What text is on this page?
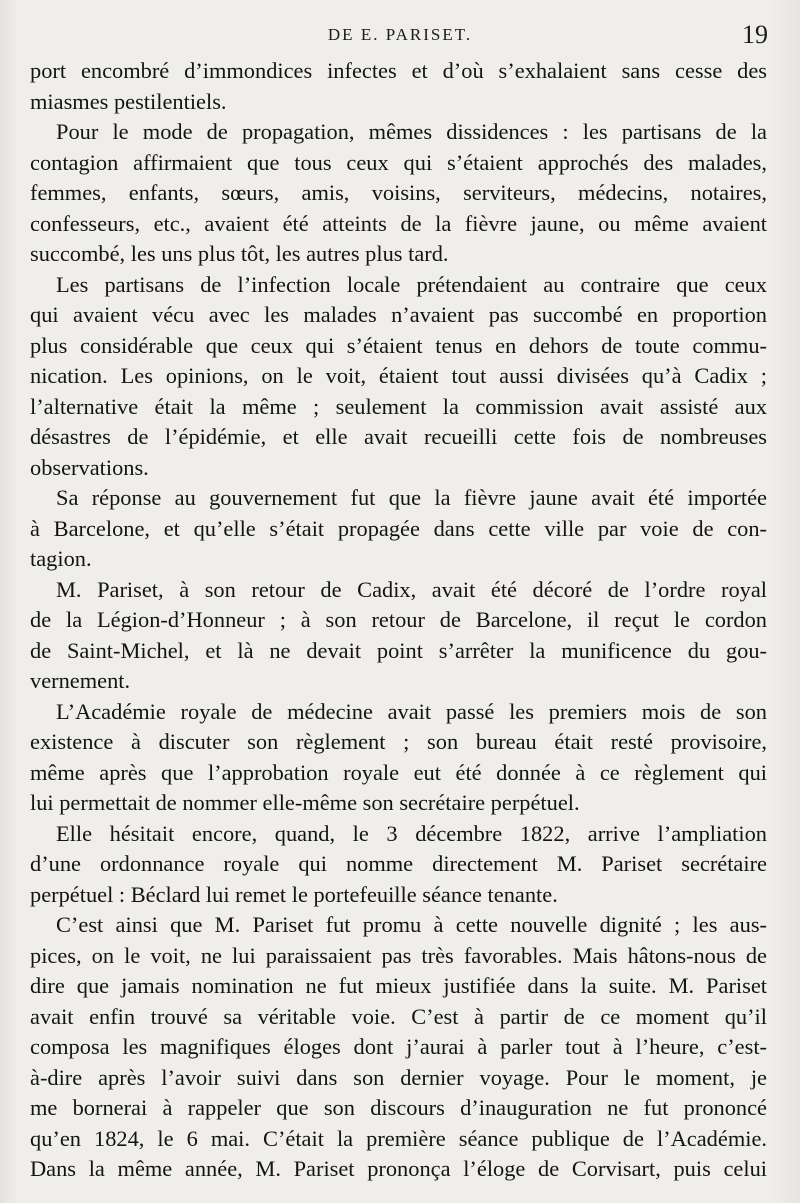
DE E. PARISET.	19
port encombré d’immondices infectes et d’où s’exhalaient sans cesse des
miasmes pestilentiels.
Pour le mode de propagation, mêmes dissidences : les partisans de la
contagion affirmaient que tous ceux qui s’étaient approchés des malades,
femmes, enfants, sœurs, amis, voisins, serviteurs, médecins, notaires,
confesseurs, etc., avaient été atteints de la fièvre jaune, ou même avaient
succombé, les uns plus tôt, les autres plus tard.
Les partisans de l’infection locale prétendaient au contraire que ceux
qui avaient vécu avec les malades n’avaient pas succombé en proportion
plus considérable que ceux qui s’étaient tenus en dehors de toute commu-
nication. Les opinions, on le voit, étaient tout aussi divisées qu’à Cadix ;
l’alternative était la même ; seulement la commission avait assisté aux
désastres de l’épidémie, et elle avait recueilli cette fois de nombreuses
observations.
Sa réponse au gouvernement fut que la fièvre jaune avait été importée
à Barcelone, et qu’elle s’était propagée dans cette ville par voie de con-
tagion.
M. Pariset, à son retour de Cadix, avait été décoré de l’ordre royal
de la Légion-d’Honneur ; à son retour de Barcelone, il reçut le cordon
de Saint-Michel, et là ne devait point s’arrêter la munificence du gou-
vernement.
L’Académie royale de médecine avait passé les premiers mois de son
existence à discuter son règlement ; son bureau était resté provisoire,
même après que l’approbation royale eut été donnée à ce règlement qui
lui permettait de nommer elle-même son secrétaire perpétuel.
Elle hésitait encore, quand, le 3 décembre 1822, arrive l’ampliation
d’une ordonnance royale qui nomme directement M. Pariset secrétaire
perpétuel : Béclard lui remet le portefeuille séance tenante.
C’est ainsi que M. Pariset fut promu à cette nouvelle dignité ; les aus-
pices, on le voit, ne lui paraissaient pas très favorables. Mais hâtons-nous de
dire que jamais nomination ne fut mieux justifiée dans la suite. M. Pariset
avait enfin trouvé sa véritable voie. C’est à partir de ce moment qu’il
composa les magnifiques éloges dont j’aurai à parler tout à l’heure, c’est-
à-dire après l’avoir suivi dans son dernier voyage. Pour le moment, je
me bornerai à rappeler que son discours d’inauguration ne fut prononcé
qu’en 1824, le 6 mai. C’était la première séance publique de l’Académie.
Dans la même année, M. Pariset prononça l’éloge de Corvisart, puis celui
